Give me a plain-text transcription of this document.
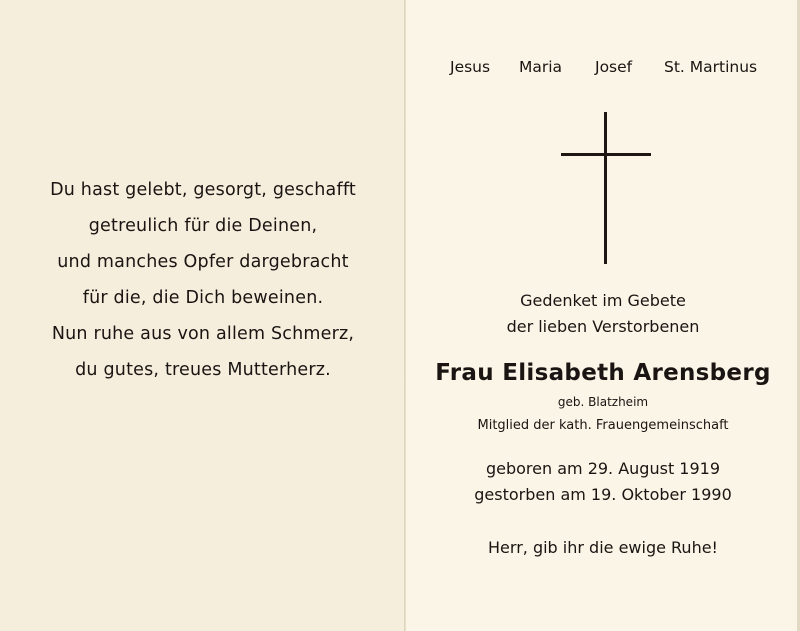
Du hast gelebt, gesorgt, geschafft
getreulich für die Deinen,
und manches Opfer dargebracht
für die, die Dich beweinen.
Nun ruhe aus von allem Schmerz,
du gutes, treues Mutterherz.
Jesus Maria Josef St. Martinus
Gedenket im Gebete
der lieben Verstorbenen
Frau Elisabeth Arensberg
geb. Blatzheim
Mitglied der kath. Frauengemeinschaft
geboren am 29. August 1919
gestorben am 19. Oktober 1990
Herr, gib ihr die ewige Ruhe!
